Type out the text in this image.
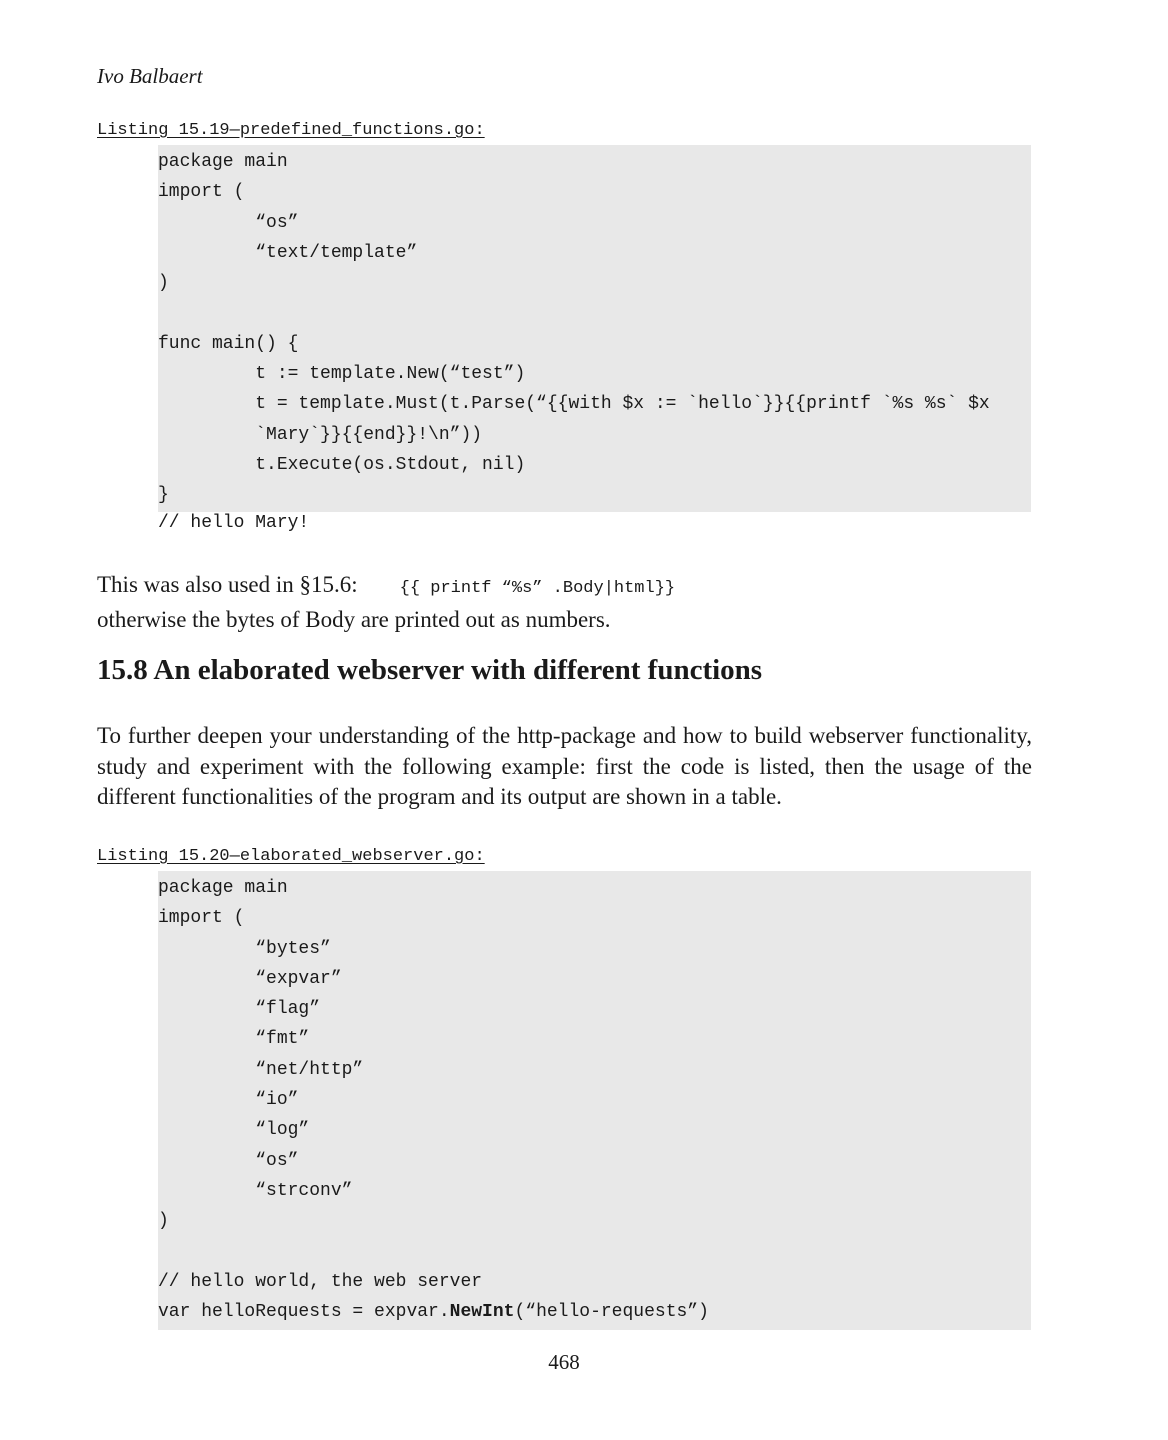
Ivo Balbaert
Listing 15.19—predefined_functions.go:
package main
import (
“os”
“text/template”
)
func main() {
t := template.New(“test”)
t = template.Must(t.Parse(“{{with $x := `hello`}}{{printf `%s %s` $x
`Mary`}}{{end}}!\n”))
t.Execute(os.Stdout, nil)
}
// hello Mary!
This was also used in §15.6: {{ printf “%s” .Body|html}}
otherwise the bytes of Body are printed out as numbers.
15.8 An elaborated webserver with different functions
To further deepen your understanding of the http-package and how to build webserver functionality, study and experiment with the following example: first the code is listed, then the usage of the different functionalities of the program and its output are shown in a table.
Listing 15.20—elaborated_webserver.go:
package main
import (
“bytes”
“expvar”
“flag”
“fmt”
“net/http”
“io”
“log”
“os”
“strconv”
)
// hello world, the web server
var helloRequests = expvar.NewInt(“hello-requests”)
468
